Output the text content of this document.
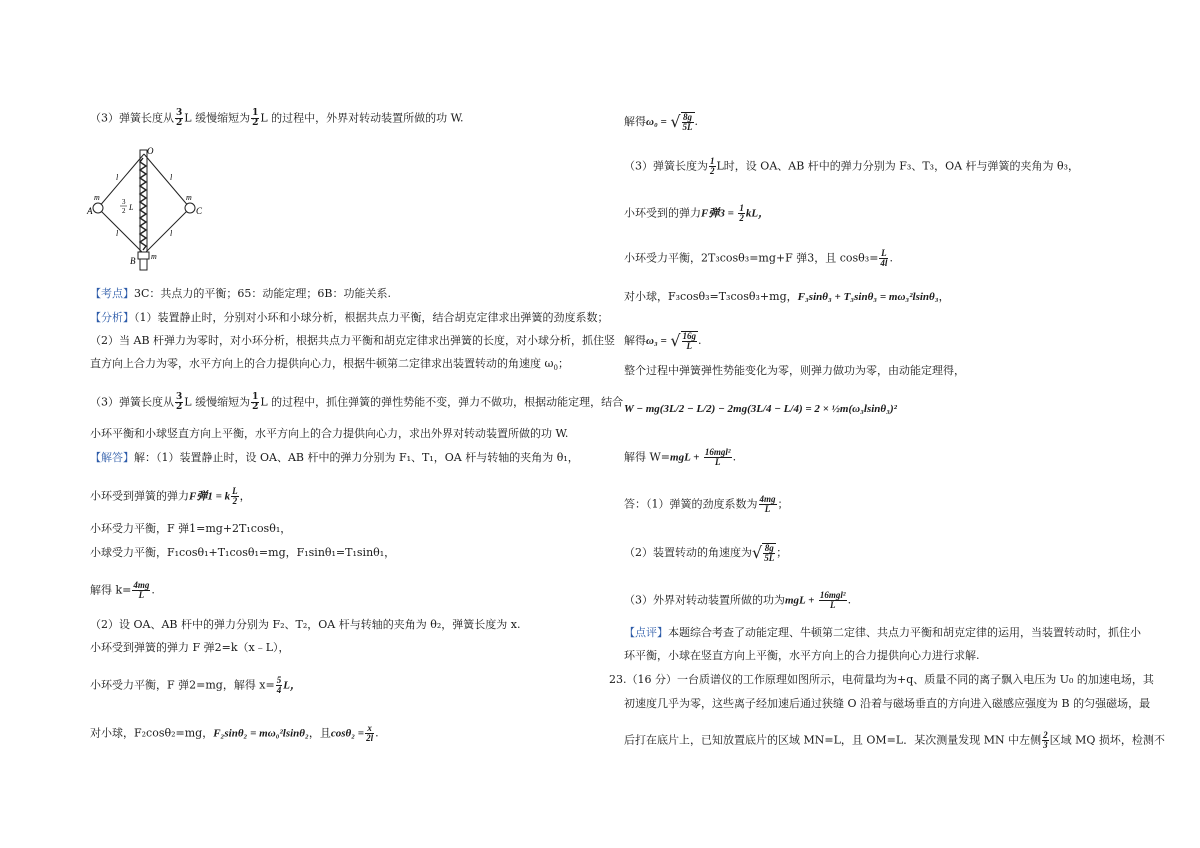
（3）弹簧长度从 $\frac{3}{2}$ L 缓慢缩短为 $\frac{1}{2}$ L 的过程中，外界对转动装置所做的功 W.
O
A	C
B
m	m
m
l	l
l	l
3
2 L
【考点】3C：共点力的平衡；65：动能定理；6B：功能关系.
【分析】（1）装置静止时，分别对小环和小球分析，根据共点力平衡，结合胡克定律求出弹簧的劲度系数；
（2）当 AB 杆弹力为零时，对小环分析，根据共点力平衡和胡克定律求出弹簧的长度，对小球分析，抓住竖
直方向上合力为零，水平方向上的合力提供向心力，根据牛顿第二定律求出装置转动的角速度 $\omega_0$；
（3）弹簧长度从 $\frac{3}{2}$ L 缓慢缩短为 $\frac{1}{2}$ L 的过程中，抓住弹簧的弹性势能不变，弹力不做功，根据动能定理，结合
小环平衡和小球竖直方向上平衡，水平方向上的合力提供向心力，求出外界对转动装置所做的功 W.
【解答】解：（1）装置静止时，设 OA、AB 杆中的弹力分别为 F₁、T₁，OA 杆与转轴的夹角为 θ₁，
小环受到弹簧的弹力F弹1 = k $\frac{L}{2}$ ，
小环受力平衡，F 弹1=mg+2T₁cosθ₁，
小球受力平衡，F₁cosθ₁+T₁cosθ₁=mg，F₁sinθ₁=T₁sinθ₁，
解得 $k= \frac{4mg}{L}$ .
（2）设 OA、AB 杆中的弹力分别为 F₂、T₂，OA 杆与转轴的夹角为 θ₂，弹簧长度为 x.
小环受到弹簧的弹力 F 弹2=k（x﹣L），
小环受力平衡，F 弹2=mg，解得 $x= \frac{5}{4}$ L，
对小球，F₂cosθ₂=mg，F₂sinθ₂ = mω₀²lsinθ₂，且$\cos\theta_2 = \frac{x}{2l}$ .
解得ω₀ = √ $\frac{8g}{5L}$ .
（3）弹簧长度为 $\frac{1}{2}$ L时，设 OA、AB 杆中的弹力分别为 F₃、T₃，OA 杆与弹簧的夹角为 θ₃，
小环受到的弹力F弹$3 = \frac{1}{2}$ kL，
小环受力平衡，2T₃cosθ₃=mg+F 弹3，且 $\cos\theta_3= \frac{L}{4l}$ .
对小球，F₃cosθ₃=T₃cosθ₃+mg，F₃sinθ₃ + T₃sinθ₃ = mω₃²lsinθ₃，
解得ω₃ = √ $\frac{16g}{L}$ .
整个过程中弹簧弹性势能变化为零，则弹力做功为零，由动能定理得，
W − mg(3L/2 − L/2) − 2mg(3L/4 − L/4) = 2 × ½m(ω₃lsinθ₃)²
解得 $W=mgL + \frac{\text{16mgl²}}{L}$ .
答：（1）弹簧的劲度系数为 $\frac{4mg}{L}$ ；
（2）装置转动的角速度为√ $\frac{8g}{5L}$ ；
（3）外界对转动装置所做的功为mgL + $\frac{\text{16mgl²}}{L}$ .
【点评】本题综合考查了动能定理、牛顿第二定律、共点力平衡和胡克定律的运用，当装置转动时，抓住小
环平衡，小球在竖直方向上平衡，水平方向上的合力提供向心力进行求解.
23.（16 分）一台质谱仪的工作原理如图所示，电荷量均为+q、质量不同的离子飘入电压为 U₀ 的加速电场，其
初速度几乎为零，这些离子经加速后通过狭缝 O 沿着与磁场垂直的方向进入磁感应强度为 B 的匀强磁场，最
后打在底片上，已知放置底片的区域 MN=L，且 OM=L．某次测量发现 MN 中左侧 $\frac{2}{3}$ 区域 MQ 损坏，检测不
